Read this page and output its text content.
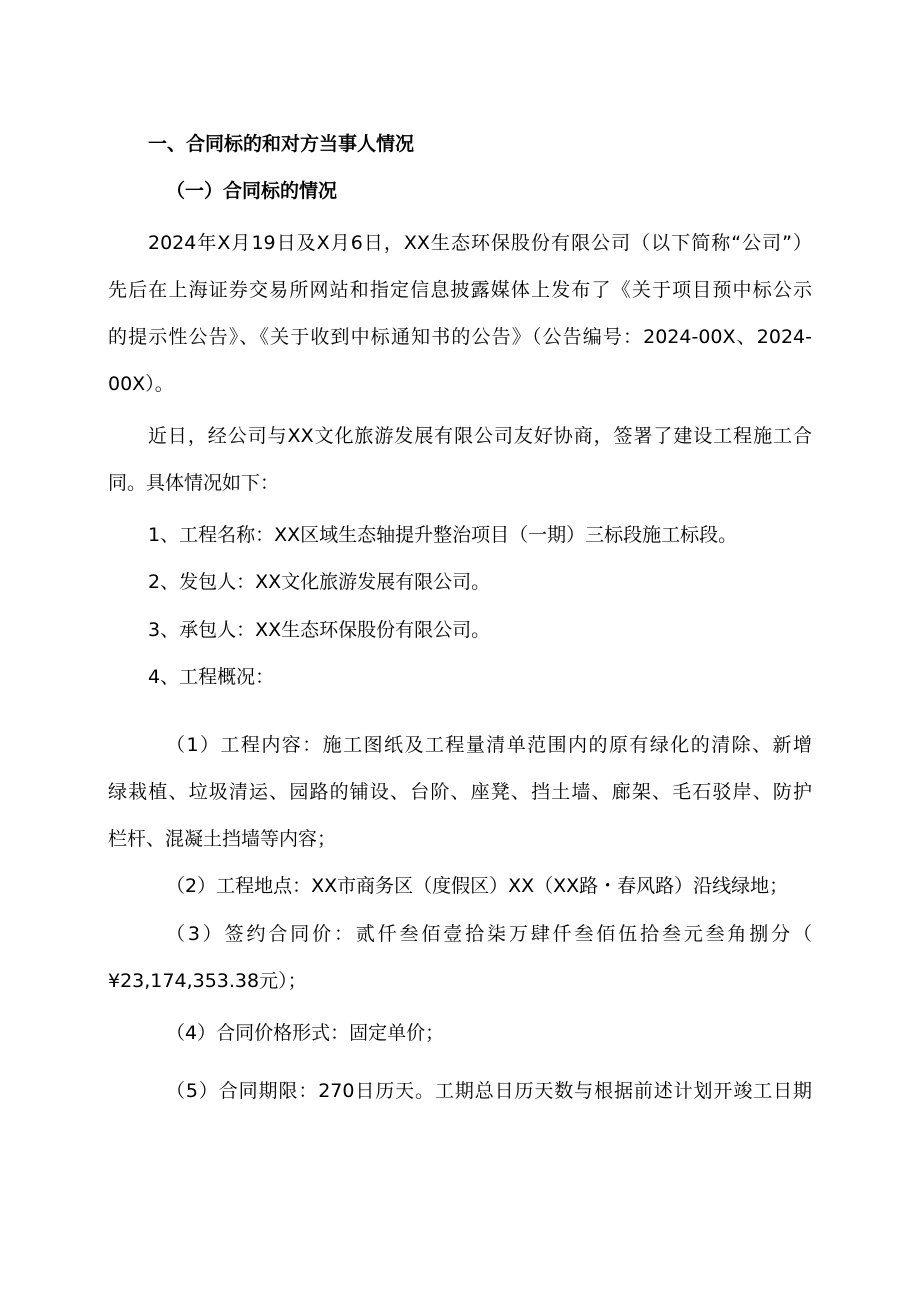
一、合同标的和对方当事人情况
（一）合同标的情况
2024年X月19日及X月6日，XX生态环保股份有限公司（以下简称“公司”）
先后在上海证券交易所网站和指定信息披露媒体上发布了《关于项目预中标公示
的提示性公告》、《关于收到中标通知书的公告》（公告编号：2024-00X、2024-
00X）。
近日，经公司与XX文化旅游发展有限公司友好协商，签署了建设工程施工合
同。具体情况如下：
1、工程名称：XX区域生态轴提升整治项目（一期）三标段施工标段。
2、发包人：XX文化旅游发展有限公司。
3、承包人：XX生态环保股份有限公司。
4、工程概况：
（1）工程内容：施工图纸及工程量清单范围内的原有绿化的清除、新增
绿栽植、垃圾清运、园路的铺设、台阶、座凳、挡土墙、廊架、毛石驳岸、防护
栏杆、混凝土挡墙等内容；
（2）工程地点：XX市商务区（度假区）XX（XX路・春风路）沿线绿地；
（3）签约合同价：贰仟叁佰壹拾柒万肆仟叁佰伍拾叁元叁角捌分（
¥23,174,353.38元）；
（4）合同价格形式：固定单价；
（5）合同期限：270日历天。工期总日历天数与根据前述计划开竣工日期
